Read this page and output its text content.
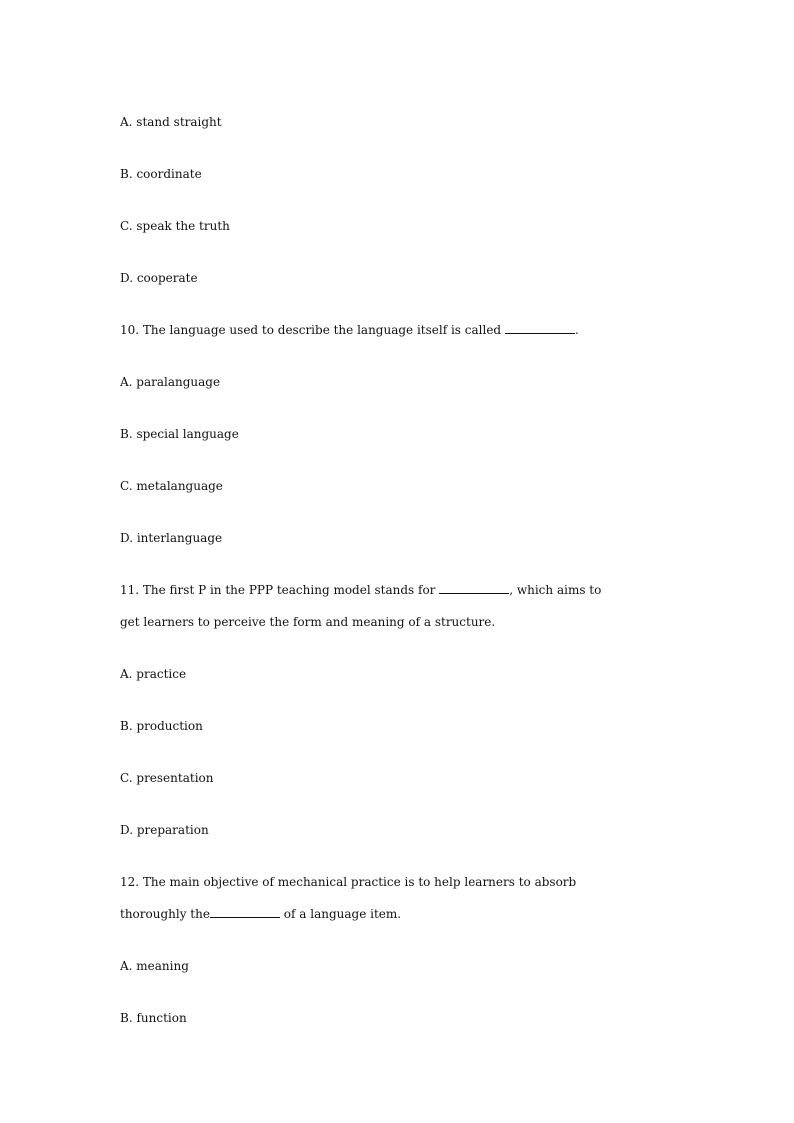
A. stand straight
B. coordinate
C. speak the truth
D. cooperate
10. The language used to describe the language itself is called	.
A. paralanguage
B. special language
C. metalanguage
D. interlanguage
11. The first P in the PPP teaching model stands for	, which aims to
get learners to perceive the form and meaning of a structure.
A. practice
B. production
C. presentation
D. preparation
12. The main objective of mechanical practice is to help learners to absorb
thoroughly the	of a language item.
A. meaning
B. function
